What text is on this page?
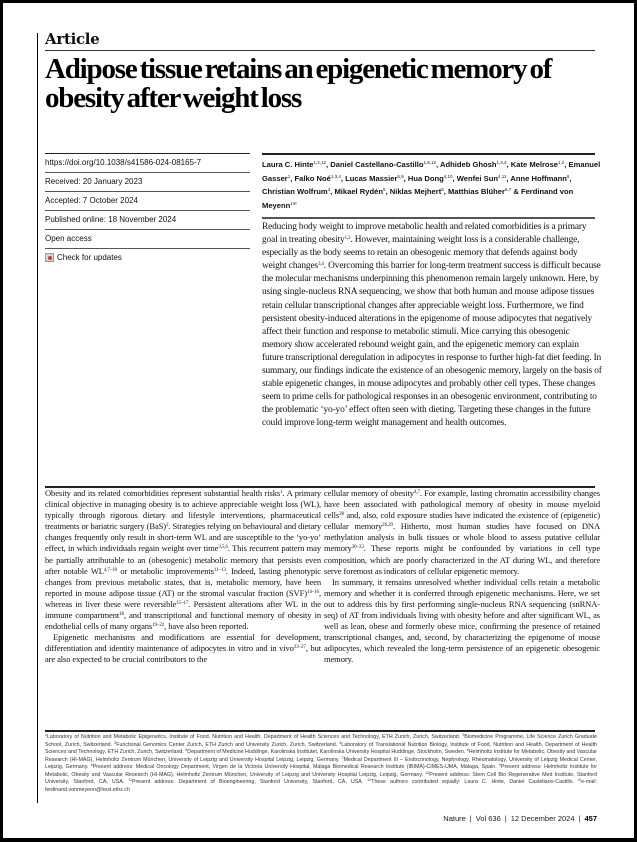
Article
Adipose tissue retains an epigenetic memory of obesity after weight loss
https://doi.org/10.1038/s41586-024-08165-7
Received: 20 January 2023
Accepted: 7 October 2024
Published online: 18 November 2024
Open access
Check for updates
Laura C. Hinte$^{1,2,12}$, Daniel Castellano-Castillo$^{1,8,12}$, Adhideb Ghosh$^{1,3,4}$, Kate Melrose$^{1,2}$, Emanuel Gasser$^1$, Falko Noé$^{1,3,4}$, Lucas Massier$^{5,9}$, Hua Dong$^{4,10}$, Wenfei Sun$^{4,11}$, Anne Hoffmann$^6$, Christian Wolfrum$^4$, Mikael Rydén$^5$, Niklas Mejhert$^5$, Matthias Blüher$^{6,7}$ & Ferdinand von Meyenn$^{1✉}$

Reducing body weight to improve metabolic health and related comorbidities is a primary goal in treating obesity$^{1,2}$. However, maintaining weight loss is a considerable challenge, especially as the body seems to retain an obesogenic memory that defends against body weight changes$^{3,4}$. Overcoming this barrier for long-term treatment success is difficult because the molecular mechanisms underpinning this phenomenon remain largely unknown. Here, by using single-nucleus RNA sequencing, we show that both human and mouse adipose tissues retain cellular transcriptional changes after appreciable weight loss. Furthermore, we find persistent obesity-induced alterations in the epigenome of mouse adipocytes that negatively affect their function and response to metabolic stimuli. Mice carrying this obesogenic memory show accelerated rebound weight gain, and the epigenetic memory can explain future transcriptional deregulation in adipocytes in response to further high-fat diet feeding. In summary, our findings indicate the existence of an obesogenic memory, largely on the basis of stable epigenetic changes, in mouse adipocytes and probably other cell types. These changes seem to prime cells for pathological responses in an obesogenic environment, contributing to the problematic ‘yo-yo’ effect often seen with dieting. Targeting these changes in the future could improve long-term weight management and health outcomes.

Obesity and its related comorbidities represent substantial health risks$^1$. A primary clinical objective in managing obesity is to achieve appreciable weight loss (WL), typically through rigorous dietary and lifestyle interventions, pharmaceutical treatments or bariatric surgery (BaS)$^2$. Strategies relying on behavioural and dietary changes frequently only result in short-term WL and are susceptible to the ‘yo-yo’ effect, in which individuals regain weight over time$^{3,5,6}$. This recurrent pattern may be partially attributable to an (obesogenic) metabolic memory that persists even after notable WL$^{4,7-10}$ or metabolic improvements$^{11-13}$. Indeed, lasting phenotypic changes from previous metabolic states, that is, metabolic memory, have been reported in mouse adipose tissue (AT) or the stromal vascular fraction (SVF)$^{14-16}$, whereas in liver these were reversible$^{15-17}$. Persistent alterations after WL in the immune compartment$^{18}$, and transcriptional and functional memory of obesity in endothelial cells of many organs$^{19-22}$, have also been reported.

Epigenetic mechanisms and modifications are essential for development, differentiation and identity maintenance of adipocytes in vitro and in vivo$^{23-27}$, but are also expected to be crucial contributors to the

cellular memory of obesity$^{4,7}$. For example, lasting chromatin accessibility changes have been associated with pathological memory of obesity in mouse myeloid cells$^{28}$ and, also, cold exposure studies have indicated the existence of (epigenetic) cellular memory$^{26,29}$. Hitherto, most human studies have focused on DNA methylation analysis in bulk tissues or whole blood to assess putative cellular memory$^{30-33}$. These reports might be confounded by variations in cell type composition, which are poorly characterized in the AT during WL, and therefore serve foremost as indicators of cellular epigenetic memory.

In summary, it remains unresolved whether individual cells retain a metabolic memory and whether it is conferred through epigenetic mechanisms. Here, we set out to address this by first performing single-nucleus RNA sequencing (snRNA-seq) of AT from individuals living with obesity before and after significant WL, as well as lean, obese and formerly obese mice, confirming the presence of retained transcriptional changes, and, second, by characterizing the epigenome of mouse adipocytes, which revealed the long-term persistence of an epigenetic obesogenic memory.

$^1$Laboratory of Nutrition and Metabolic Epigenetics, Institute of Food, Nutrition and Health, Department of Health Sciences and Technology, ETH Zurich, Zurich, Switzerland. $^2$Biomedicine Programme, Life Science Zurich Graduate School, Zurich, Switzerland. $^3$Functional Genomics Center Zurich, ETH Zurich and University Zurich, Zurich, Switzerland. $^4$Laboratory of Translational Nutrition Biology, Institute of Food, Nutrition and Health, Department of Health Sciences and Technology, ETH Zurich, Zurich, Switzerland. $^5$Department of Medicine Huddinge, Karolinska Institutet, Karolinska University Hospital Huddinge, Stockholm, Sweden. $^6$Helmholtz Institute for Metabolic, Obesity and Vascular Research (HI-MAG), Helmholtz Zentrum München, University of Leipzig and University Hospital Leipzig, Leipzig, Germany. $^7$Medical Department III – Endocrinology, Nephrology, Rheumatology, University of Leipzig Medical Center, Leipzig, Germany. $^8$Present address: Medical Oncology Department, Virgen de la Victoria University Hospital, Málaga Biomedical Research Institute (IBIMA)-CIMES-UMA, Málaga, Spain. $^9$Present address: Helmholtz Institute for Metabolic, Obesity and Vascular Research (HI-MAG), Helmholtz Zentrum München, University of Leipzig and University Hospital Leipzig, Leipzig, Germany. $^{10}$Present address: Stem Cell Bio Regenerative Med Institute, Stanford University, Stanford, CA, USA. $^{11}$Present address: Department of Bioengineering, Stanford University, Stanford, CA, USA. $^{12}$These authors contributed equally: Laura C. Hinte, Daniel Castellano-Castillo. ✉e-mail: ferdinand.vonmeyenn@hest.ethz.ch

Nature | Vol 636 | 12 December 2024 | 457
